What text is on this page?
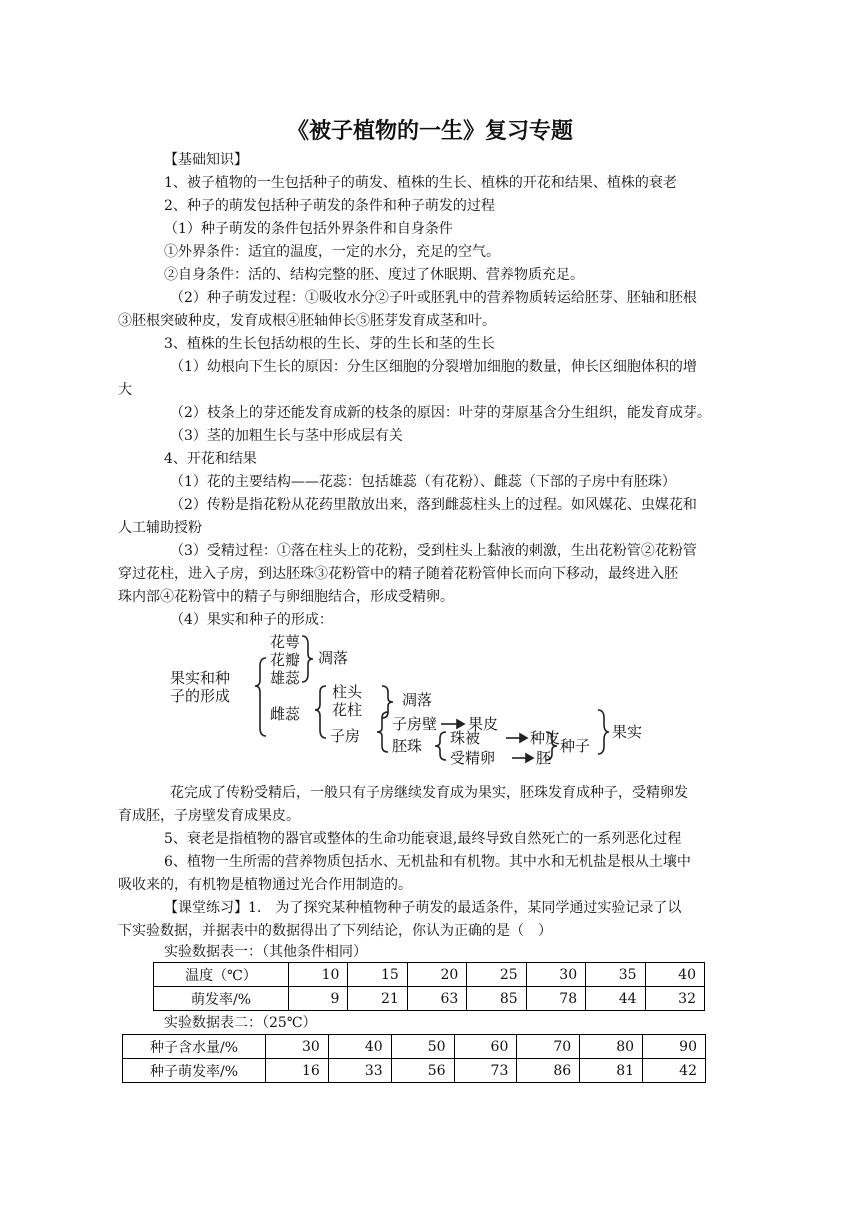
《被子植物的一生》复习专题
【基础知识】
1、被子植物的一生包括种子的萌发、植株的生长、植株的开花和结果、植株的衰老
2、种子的萌发包括种子萌发的条件和种子萌发的过程
（1）种子萌发的条件包括外界条件和自身条件
①外界条件：适宜的温度，一定的水分，充足的空气。
②自身条件：活的、结构完整的胚、度过了休眠期、营养物质充足。
（2）种子萌发过程：①吸收水分②子叶或胚乳中的营养物质转运给胚芽、胚轴和胚根
③胚根突破种皮，发育成根④胚轴伸长⑤胚芽发育成茎和叶。
3、植株的生长包括幼根的生长、芽的生长和茎的生长
（1）幼根向下生长的原因：分生区细胞的分裂增加细胞的数量，伸长区细胞体积的增
大
（2）枝条上的芽还能发育成新的枝条的原因：叶芽的芽原基含分生组织，能发育成芽。
（3）茎的加粗生长与茎中形成层有关
4、开花和结果
（1）花的主要结构——花蕊：包括雄蕊（有花粉）、雌蕊（下部的子房中有胚珠）
（2）传粉是指花粉从花药里散放出来，落到雌蕊柱头上的过程。如风媒花、虫媒花和
人工辅助授粉
（3）受精过程：①落在柱头上的花粉，受到柱头上黏液的刺激，生出花粉管②花粉管
穿过花柱，进入子房，到达胚珠③花粉管中的精子随着花粉管伸长而向下移动，最终进入胚
珠内部④花粉管中的精子与卵细胞结合，形成受精卵。
（4）果实和种子的形成：
果实和种
子的形成
花萼
花瓣
雄蕊
凋落
雌蕊
柱头
花柱
凋落
子房
子房壁 果皮
胚珠 珠被	种皮
受精卵	胚
种子
果实
花完成了传粉受精后，一般只有子房继续发育成为果实，胚珠发育成种子，受精卵发
育成胚，子房壁发育成果皮。
5、衰老是指植物的器官或整体的生命功能衰退,最终导致自然死亡的一系列恶化过程
6、植物一生所需的营养物质包括水、无机盐和有机物。其中水和无机盐是根从土壤中
吸收来的，有机物是植物通过光合作用制造的。
【课堂练习】1.　为了探究某种植物种子萌发的最适条件，某同学通过实验记录了以
下实验数据，并据表中的数据得出了下列结论，你认为正确的是（　）
实验数据表一：（其他条件相同）
温度（℃）	10	15	20	25	30	35	40
萌发率/%	9	21	63	85	78	44	32
实验数据表二：（25℃）
种子含水量/%	30	40	50	60	70	80	90
种子萌发率/%	16	33	56	73	86	81	42
